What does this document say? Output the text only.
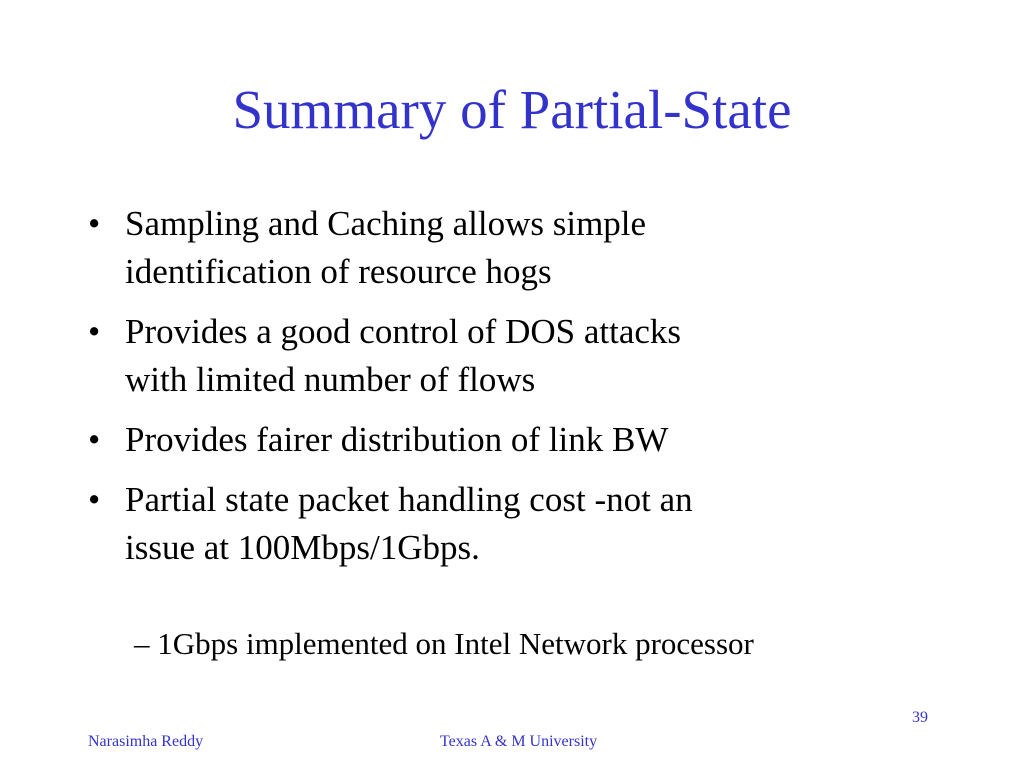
Summary of Partial-State
• Sampling and Caching allows simple
identification of resource hogs
• Provides a good control of DOS attacks
with limited number of flows
• Provides fairer distribution of link BW
• Partial state packet handling cost -not an
issue at 100Mbps/1Gbps.
– 1Gbps implemented on Intel Network processor
39
Narasimha Reddy	Texas A & M University
